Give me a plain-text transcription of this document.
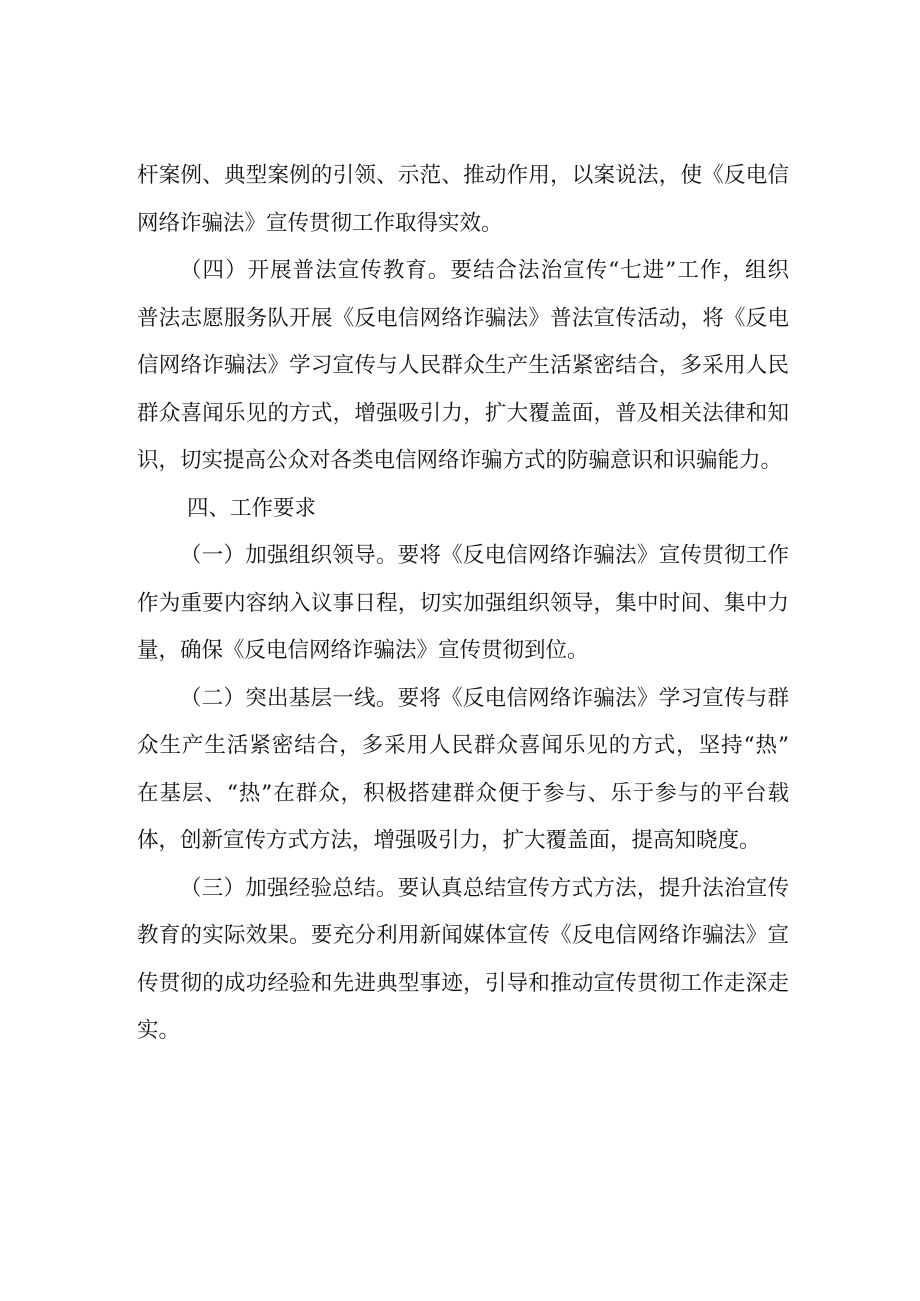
杆案例、典型案例的引领、示范、推动作用，以案说法，使《反电信
网络诈骗法》宣传贯彻工作取得实效。
（四）开展普法宣传教育。要结合法治宣传“七进”工作，组织
普法志愿服务队开展《反电信网络诈骗法》普法宣传活动，将《反电
信网络诈骗法》学习宣传与人民群众生产生活紧密结合，多采用人民
群众喜闻乐见的方式，增强吸引力，扩大覆盖面，普及相关法律和知
识，切实提高公众对各类电信网络诈骗方式的防骗意识和识骗能力。
四、工作要求
（一）加强组织领导。要将《反电信网络诈骗法》宣传贯彻工作
作为重要内容纳入议事日程，切实加强组织领导，集中时间、集中力
量，确保《反电信网络诈骗法》宣传贯彻到位。
（二）突出基层一线。要将《反电信网络诈骗法》学习宣传与群
众生产生活紧密结合，多采用人民群众喜闻乐见的方式，坚持“热”
在基层、“热”在群众，积极搭建群众便于参与、乐于参与的平台载
体，创新宣传方式方法，增强吸引力，扩大覆盖面，提高知晓度。
（三）加强经验总结。要认真总结宣传方式方法，提升法治宣传
教育的实际效果。要充分利用新闻媒体宣传《反电信网络诈骗法》宣
传贯彻的成功经验和先进典型事迹，引导和推动宣传贯彻工作走深走
实。
